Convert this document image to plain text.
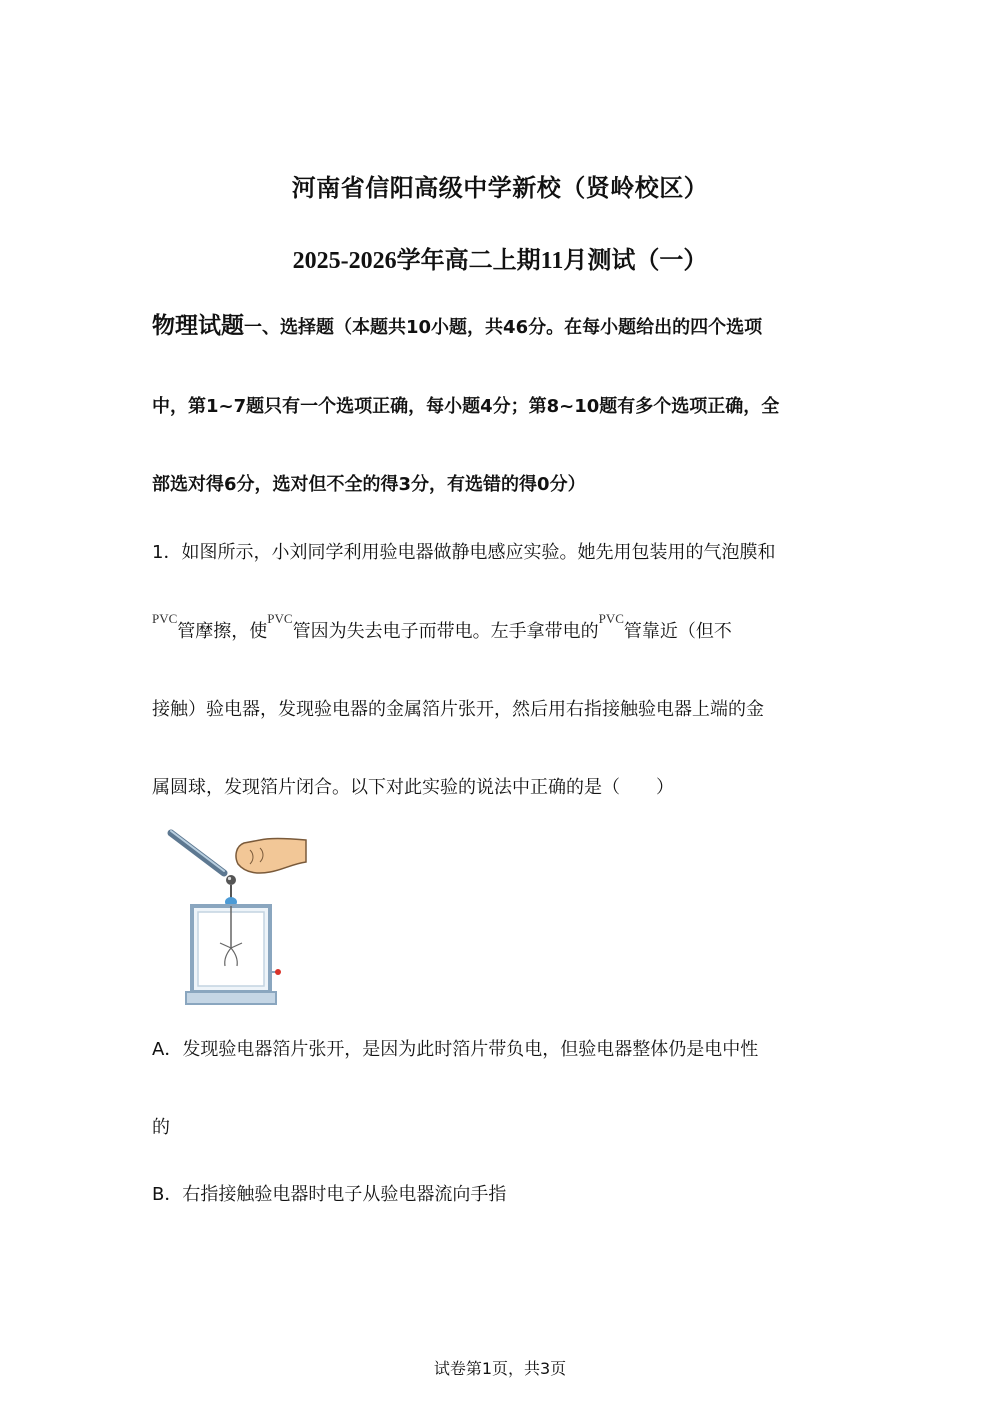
河南省信阳高级中学新校（贤岭校区）
2025-2026学年高二上期11月测试（一）
物理试题一、选择题（本题共10小题，共46分。在每小题给出的四个选项
中，第1~7题只有一个选项正确，每小题4分；第8~10题有多个选项正确，全
部选对得6分，选对但不全的得3分，有选错的得0分）
1．如图所示，小刘同学利用验电器做静电感应实验。她先用包装用的气泡膜和
$^{PVC}$管摩擦，使$^{PVC}$管因为失去电子而带电。左手拿带电的$^{PVC}$管靠近（但不
接触）验电器，发现验电器的金属箔片张开，然后用右指接触验电器上端的金
属圆球，发现箔片闭合。以下对此实验的说法中正确的是（　　）
A．发现验电器箔片张开，是因为此时箔片带负电，但验电器整体仍是电中性
的
B．右指接触验电器时电子从验电器流向手指
试卷第1页，共3页
